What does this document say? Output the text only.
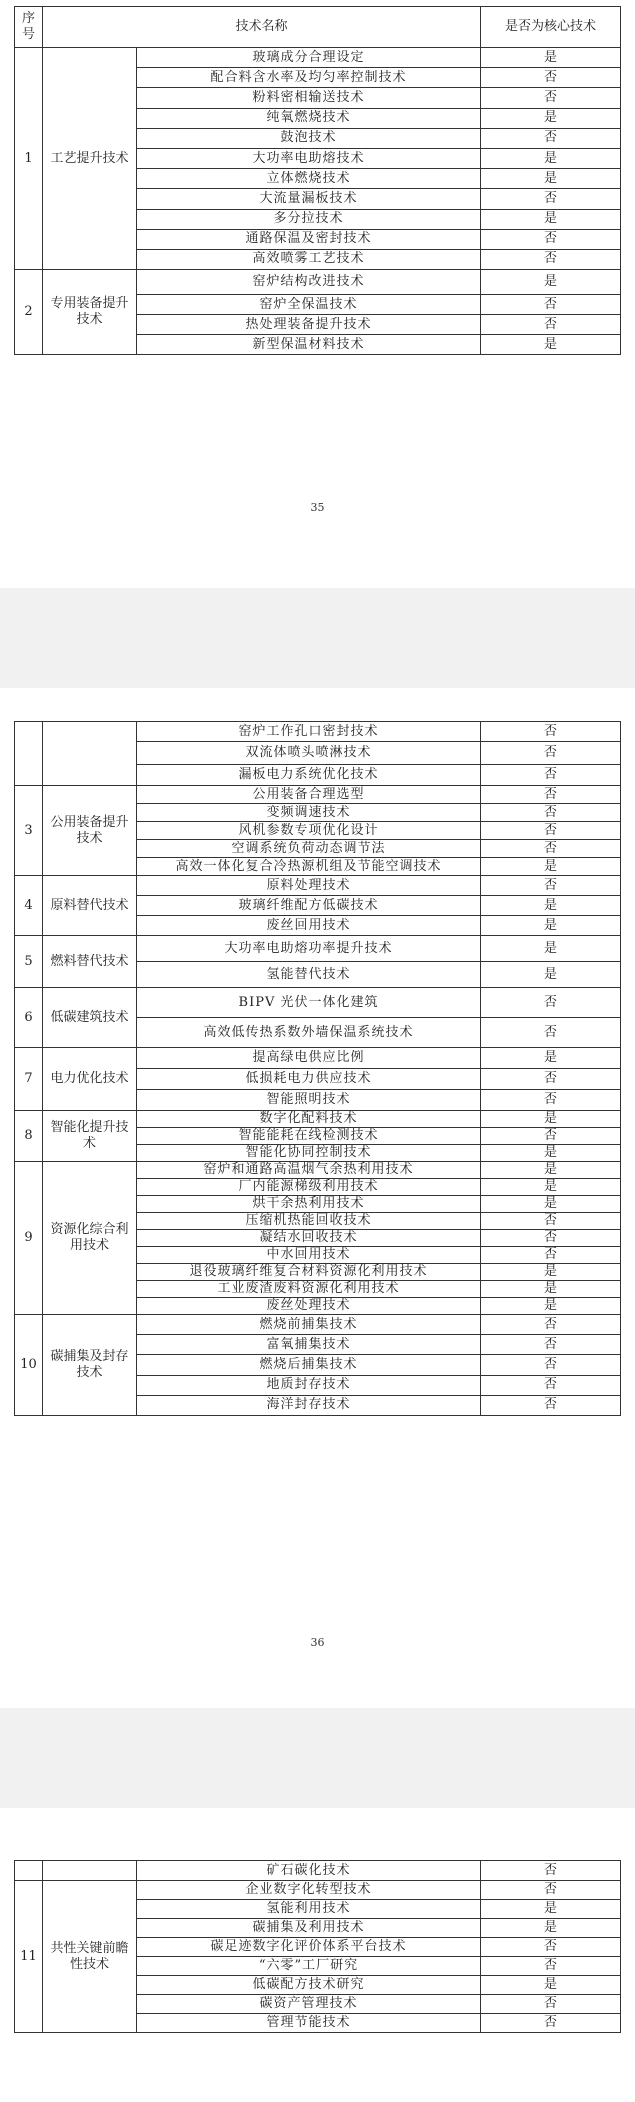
序号	技术名称		是否为核心技术
1	工艺提升技术	玻璃成分合理设定	是
		配合料含水率及均匀率控制技术	否
		粉料密相输送技术	否
		纯氧燃烧技术	是
		鼓泡技术	否
		大功率电助熔技术	是
		立体燃烧技术	是
		大流量漏板技术	否
		多分拉技术	是
		通路保温及密封技术	否
		高效喷雾工艺技术	否
2	专用装备提升技术	窑炉结构改进技术	是
		窑炉全保温技术	否
		热处理装备提升技术	否
		新型保温材料技术	是
35
		窑炉工作孔口密封技术	否
		双流体喷头喷淋技术	否
		漏板电力系统优化技术	否
3	公用装备提升技术	公用装备合理选型	否
		变频调速技术	否
		风机参数专项优化设计	否
		空调系统负荷动态调节法	否
		高效一体化复合冷热源机组及节能空调技术	是
4	原料替代技术	原料处理技术	否
		玻璃纤维配方低碳技术	是
		废丝回用技术	是
5	燃料替代技术	大功率电助熔功率提升技术	是
		氢能替代技术	是
6	低碳建筑技术	BIPV 光伏一体化建筑	否
		高效低传热系数外墙保温系统技术	否
7	电力优化技术	提高绿电供应比例	是
		低损耗电力供应技术	否
		智能照明技术	否
8	智能化提升技术	数字化配料技术	是
		智能能耗在线检测技术	否
		智能化协同控制技术	是
9	资源化综合利用技术	窑炉和通路高温烟气余热利用技术	是
		厂内能源梯级利用技术	是
		烘干余热利用技术	是
		压缩机热能回收技术	否
		凝结水回收技术	否
		中水回用技术	否
		退役玻璃纤维复合材料资源化利用技术	是
		工业废渣废料资源化利用技术	是
		废丝处理技术	是
10	碳捕集及封存技术	燃烧前捕集技术	否
		富氧捕集技术	否
		燃烧后捕集技术	否
		地质封存技术	否
		海洋封存技术	否
36
		矿石碳化技术	否
11	共性关键前瞻性技术	企业数字化转型技术	否
		氢能利用技术	是
		碳捕集及利用技术	是
		碳足迹数字化评价体系平台技术	否
		“六零”工厂研究	否
		低碳配方技术研究	是
		碳资产管理技术	否
		管理节能技术	否
